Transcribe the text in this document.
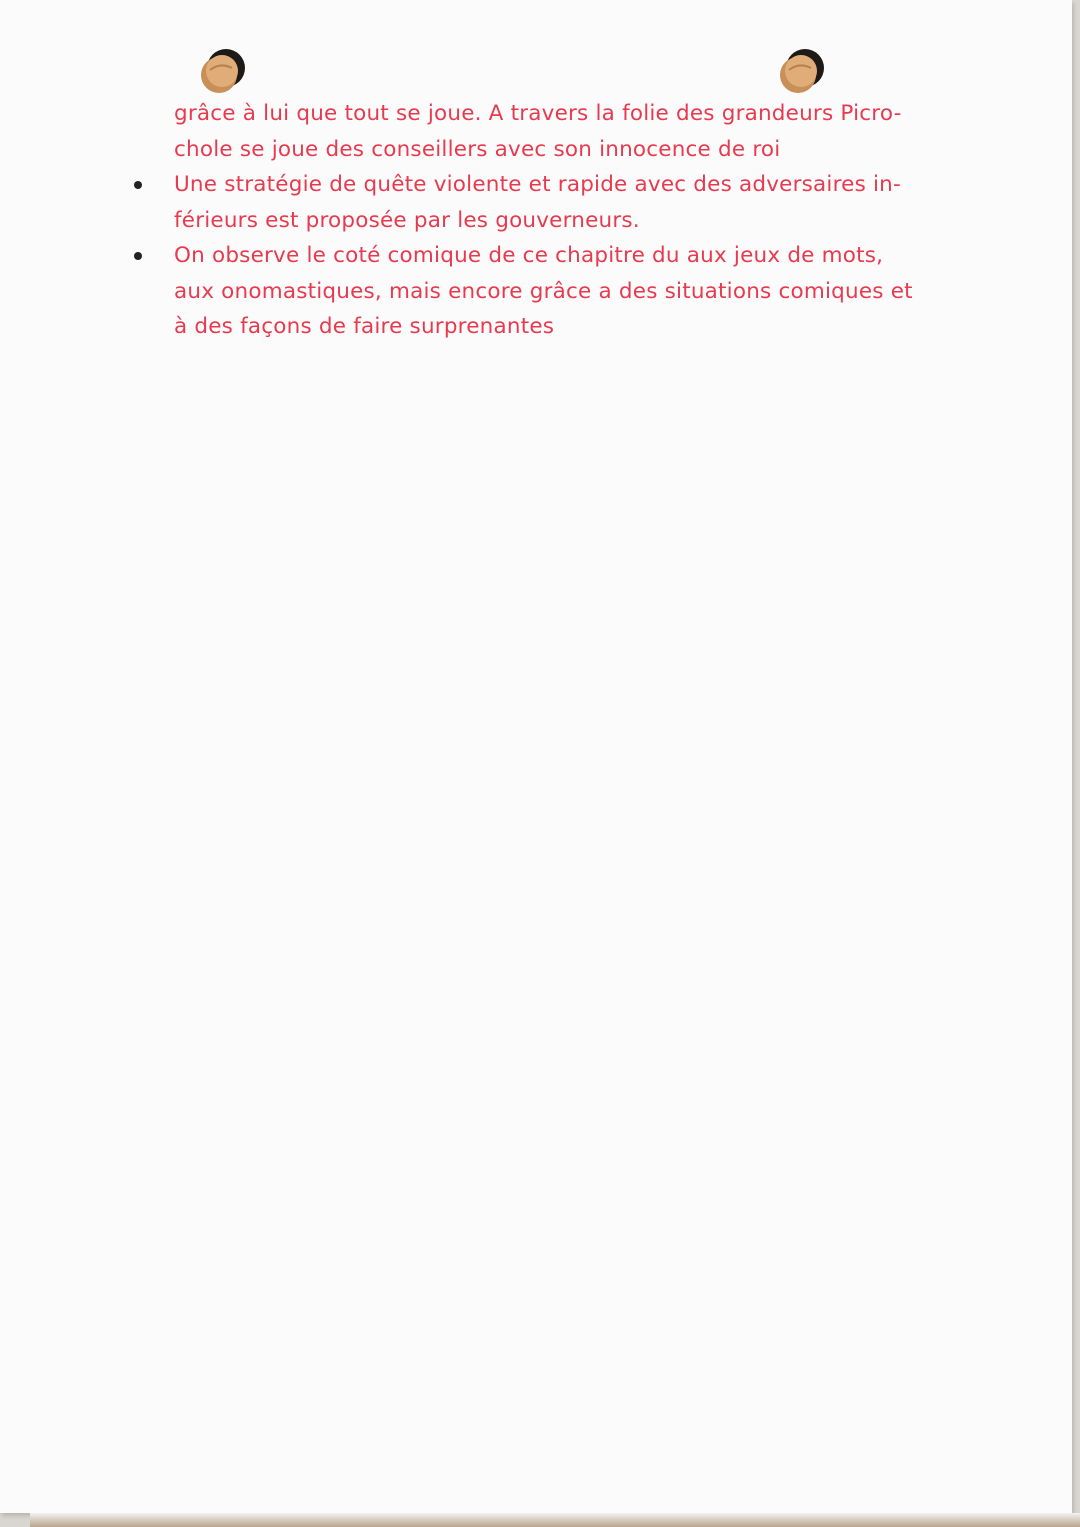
grâce à lui que tout se joue. A travers la folie des grandeurs Picro-
chole se joue des conseillers avec son innocence de roi
Une stratégie de quête violente et rapide avec des adversaires in-
férieurs est proposée par les gouverneurs.
On observe le coté comique de ce chapitre du aux jeux de mots,
aux onomastiques, mais encore grâce a des situations comiques et
à des façons de faire surprenantes
